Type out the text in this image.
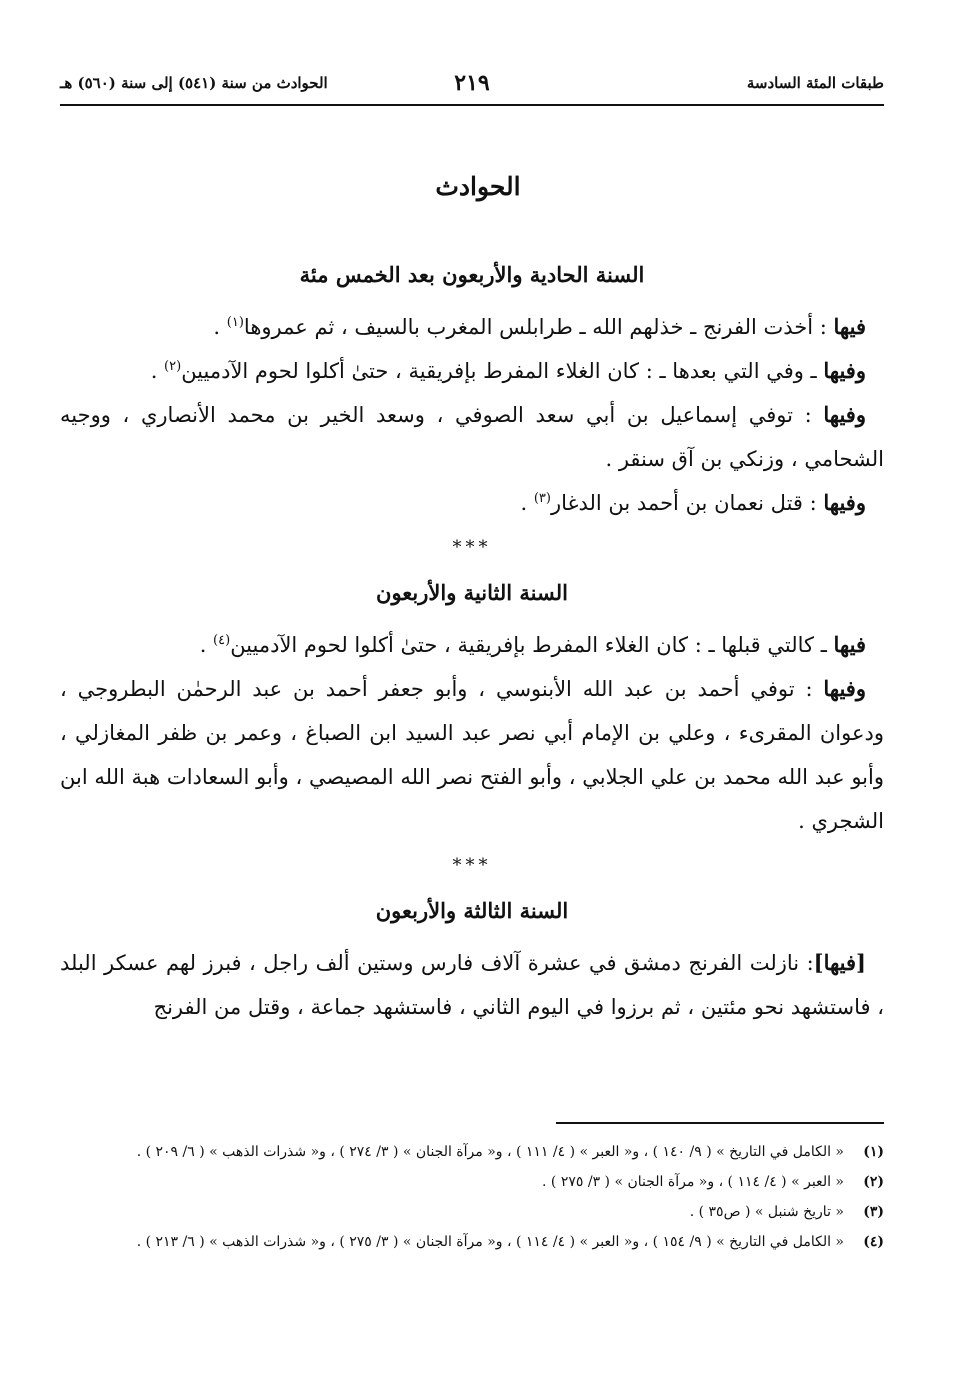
طبقات المئة السادسة
٢١٩
الحوادث من سنة (٥٤١) إلى سنة (٥٦٠) هـ
الحوادث
السنة الحادية والأربعون بعد الخمس مئة

فيها : أخذت الفرنج ـ خذلهم الله ـ طرابلس المغرب بالسيف ، ثم عمروها$^{(١)}$ .

وفيها ـ وفي التي بعدها ـ : كان الغلاء المفرط بإفريقية ، حتىٰ أكلوا لحوم الآدميين$^{(٢)}$ .

وفيها : توفي إسماعيل بن أبي سعد الصوفي ، وسعد الخير بن محمد الأنصاري ، ووجيه الشحامي ، وزنكي بن آق سنقر .

وفيها : قتل نعمان بن أحمد بن الدغار$^{(٣)}$ .

***
السنة الثانية والأربعون

فيها ـ كالتي قبلها ـ : كان الغلاء المفرط بإفريقية ، حتىٰ أكلوا لحوم الآدميين$^{(٤)}$ .

وفيها : توفي أحمد بن عبد الله الأبنوسي ، وأبو جعفر أحمد بن عبد الرحمٰن البطروجي ، ودعوان المقرىء ، وعلي بن الإمام أبي نصر عبد السيد ابن الصباغ ، وعمر بن ظفر المغازلي ، وأبو عبد الله محمد بن علي الجلابي ، وأبو الفتح نصر الله المصيصي ، وأبو السعادات هبة الله ابن الشجري .

***
السنة الثالثة والأربعون

[فيها]: نازلت الفرنج دمشق في عشرة آلاف فارس وستين ألف راجل ، فبرز لهم عسكر البلد ، فاستشهد نحو مئتين ، ثم برزوا في اليوم الثاني ، فاستشهد جماعة ، وقتل من الفرنج

(١)
« الكامل في التاريخ » ( ٩/ ١٤٠ ) ، و« العبر » ( ٤/ ١١١ ) ، و« مرآة الجنان » ( ٣/ ٢٧٤ ) ، و« شذرات الذهب » ( ٦/ ٢٠٩ ) .
(٢)
« العبر » ( ٤/ ١١٤ ) ، و« مرآة الجنان » ( ٣/ ٢٧٥ ) .
(٣)
« تاريخ شنبل » ( ص٣٥ ) .
(٤)
« الكامل في التاريخ » ( ٩/ ١٥٤ ) ، و« العبر » ( ٤/ ١١٤ ) ، و« مرآة الجنان » ( ٣/ ٢٧٥ ) ، و« شذرات الذهب » ( ٦/ ٢١٣ ) .
